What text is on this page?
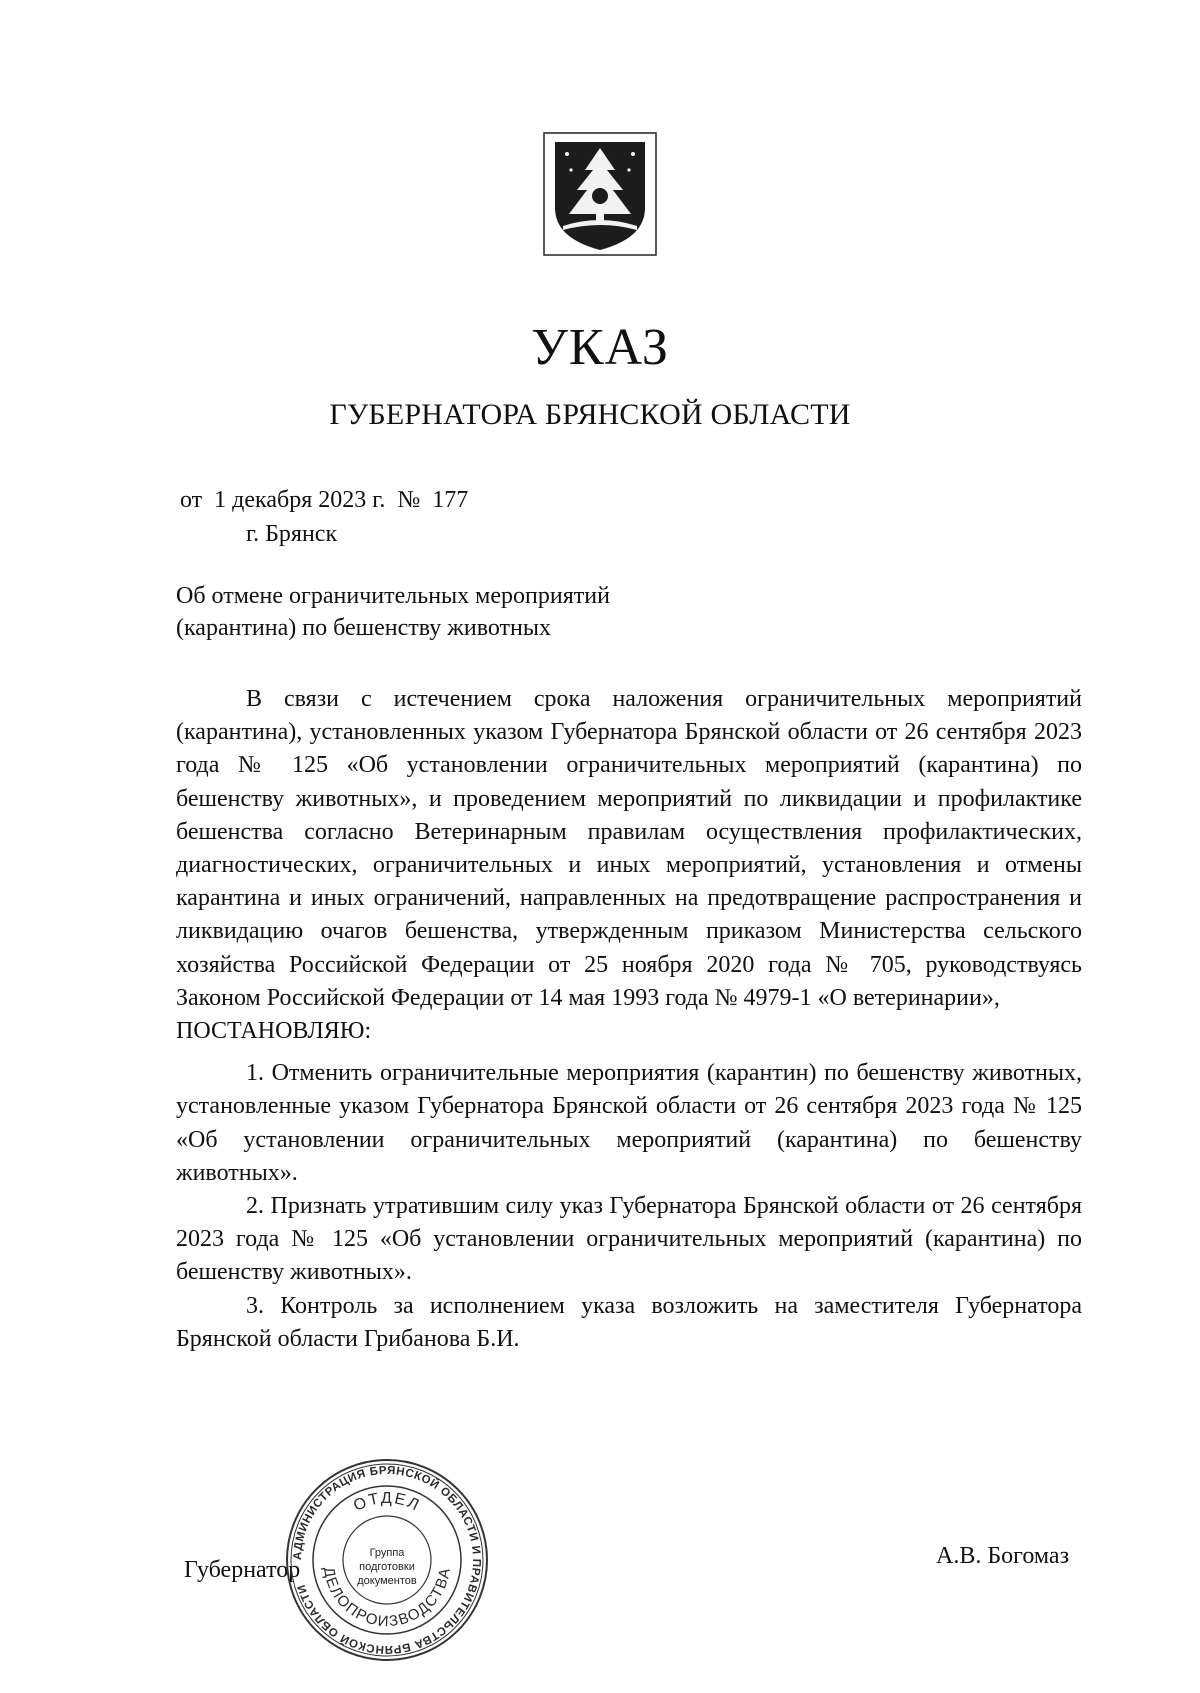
УКАЗ
ГУБЕРНАТОРА БРЯНСКОЙ ОБЛАСТИ
от  1 декабря 2023 г.  №  177
г. Брянск
Об отмене ограничительных мероприятий
(карантина) по бешенству животных

В связи с истечением срока наложения ограничительных мероприятий (карантина), установленных указом Губернатора Брянской области от 26 сентября 2023 года № 125 «Об установлении ограничительных мероприятий (карантина) по бешенству животных», и проведением мероприятий по ликвидации и профилактике бешенства согласно Ветеринарным правилам осуществления профилактических, диагностических, ограничительных и иных мероприятий, установления и отмены карантина и иных ограничений, направленных на предотвращение распространения и ликвидацию очагов бешенства, утвержденным приказом Министерства сельского хозяйства Российской Федерации от 25 ноября 2020 года № 705, руководствуясь Законом Российской Федерации от 14 мая 1993 года № 4979-1 «О ветеринарии»,

ПОСТАНОВЛЯЮ:

1. Отменить ограничительные мероприятия (карантин) по бешенству животных, установленные указом Губернатора Брянской области от 26 сентября 2023 года № 125 «Об установлении ограничительных мероприятий (карантина) по бешенству животных».

2. Признать утратившим силу указ Губернатора Брянской области от 26 сентября 2023 года № 125 «Об установлении ограничительных мероприятий (карантина) по бешенству животных».

3. Контроль за исполнением указа возложить на заместителя Губернатора Брянской области Грибанова Б.И.

Губернатор
А.В. Богомаз
АДМИНИСТРАЦИЯ БРЯНСКОЙ ОБЛАСТИ И ПРАВИТЕЛЬСТВА БРЯНСКОЙ ОБЛАСТИ
ОТДЕЛ
ДЕЛОПРОИЗВОДСТВА
Группа
подготовки
документов
